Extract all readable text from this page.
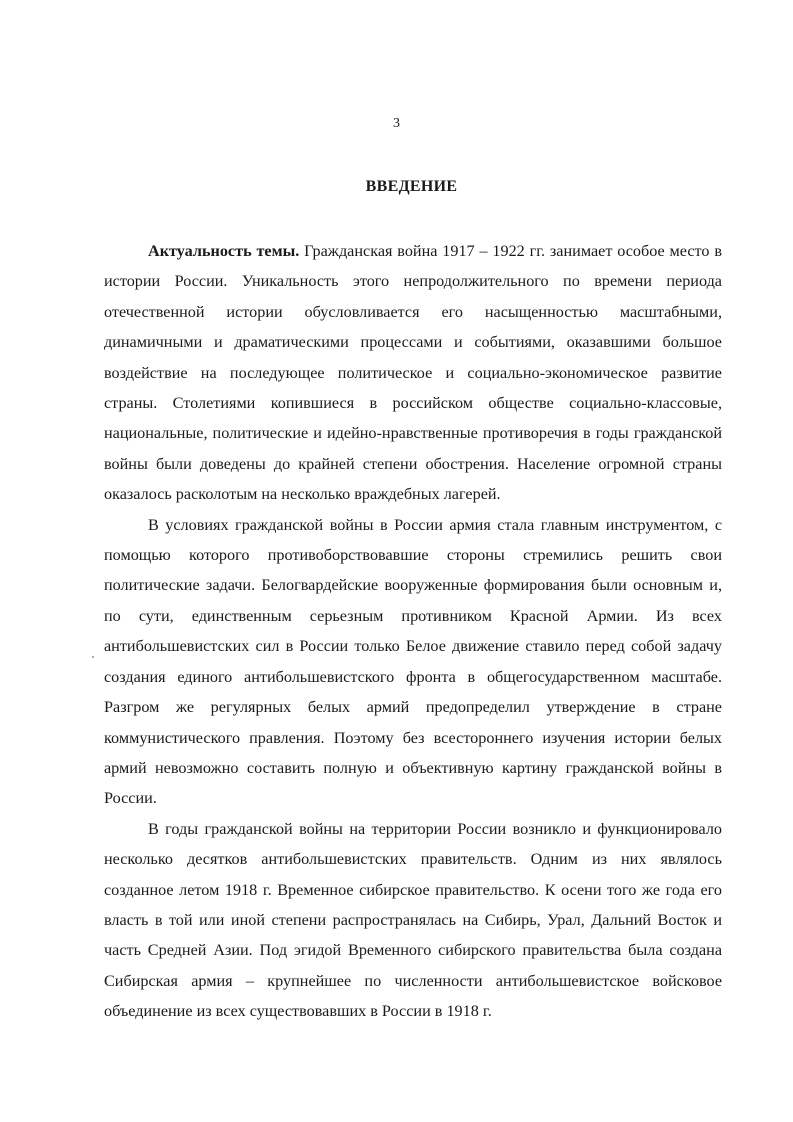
3

ВВЕДЕНИЕ

Актуальность темы. Гражданская война 1917 – 1922 гг. занимает особое место в истории России. Уникальность этого непродолжительного по времени периода отечественной истории обусловливается его насыщенностью масштабными, динамичными и драматическими процессами и событиями, оказавшими большое воздействие на последующее политическое и социально-экономическое развитие страны. Столетиями копившиеся в российском обществе социально-классовые, национальные, политические и идейно-нравственные противоречия в годы гражданской войны были доведены до крайней степени обострения. Население огромной страны оказалось расколотым на несколько враждебных лагерей.

В условиях гражданской войны в России армия стала главным инструментом, с помощью которого противоборствовавшие стороны стремились решить свои политические задачи. Белогвардейские вооруженные формирования были основным и, по сути, единственным серьезным противником Красной Армии. Из всех антибольшевистских сил в России только Белое движение ставило перед собой задачу создания единого антибольшевистского фронта в общегосударственном масштабе. Разгром же регулярных белых армий предопределил утверждение в стране коммунистического правления. Поэтому без всестороннего изучения истории белых армий невозможно составить полную и объективную картину гражданской войны в России.

В годы гражданской войны на территории России возникло и функционировало несколько десятков антибольшевистских правительств. Одним из них являлось созданное летом 1918 г. Временное сибирское правительство. К осени того же года его власть в той или иной степени распространялась на Сибирь, Урал, Дальний Восток и часть Средней Азии. Под эгидой Временного сибирского правительства была создана Сибирская армия – крупнейшее по численности антибольшевистское войсковое объединение из всех существовавших в России в 1918 г.
